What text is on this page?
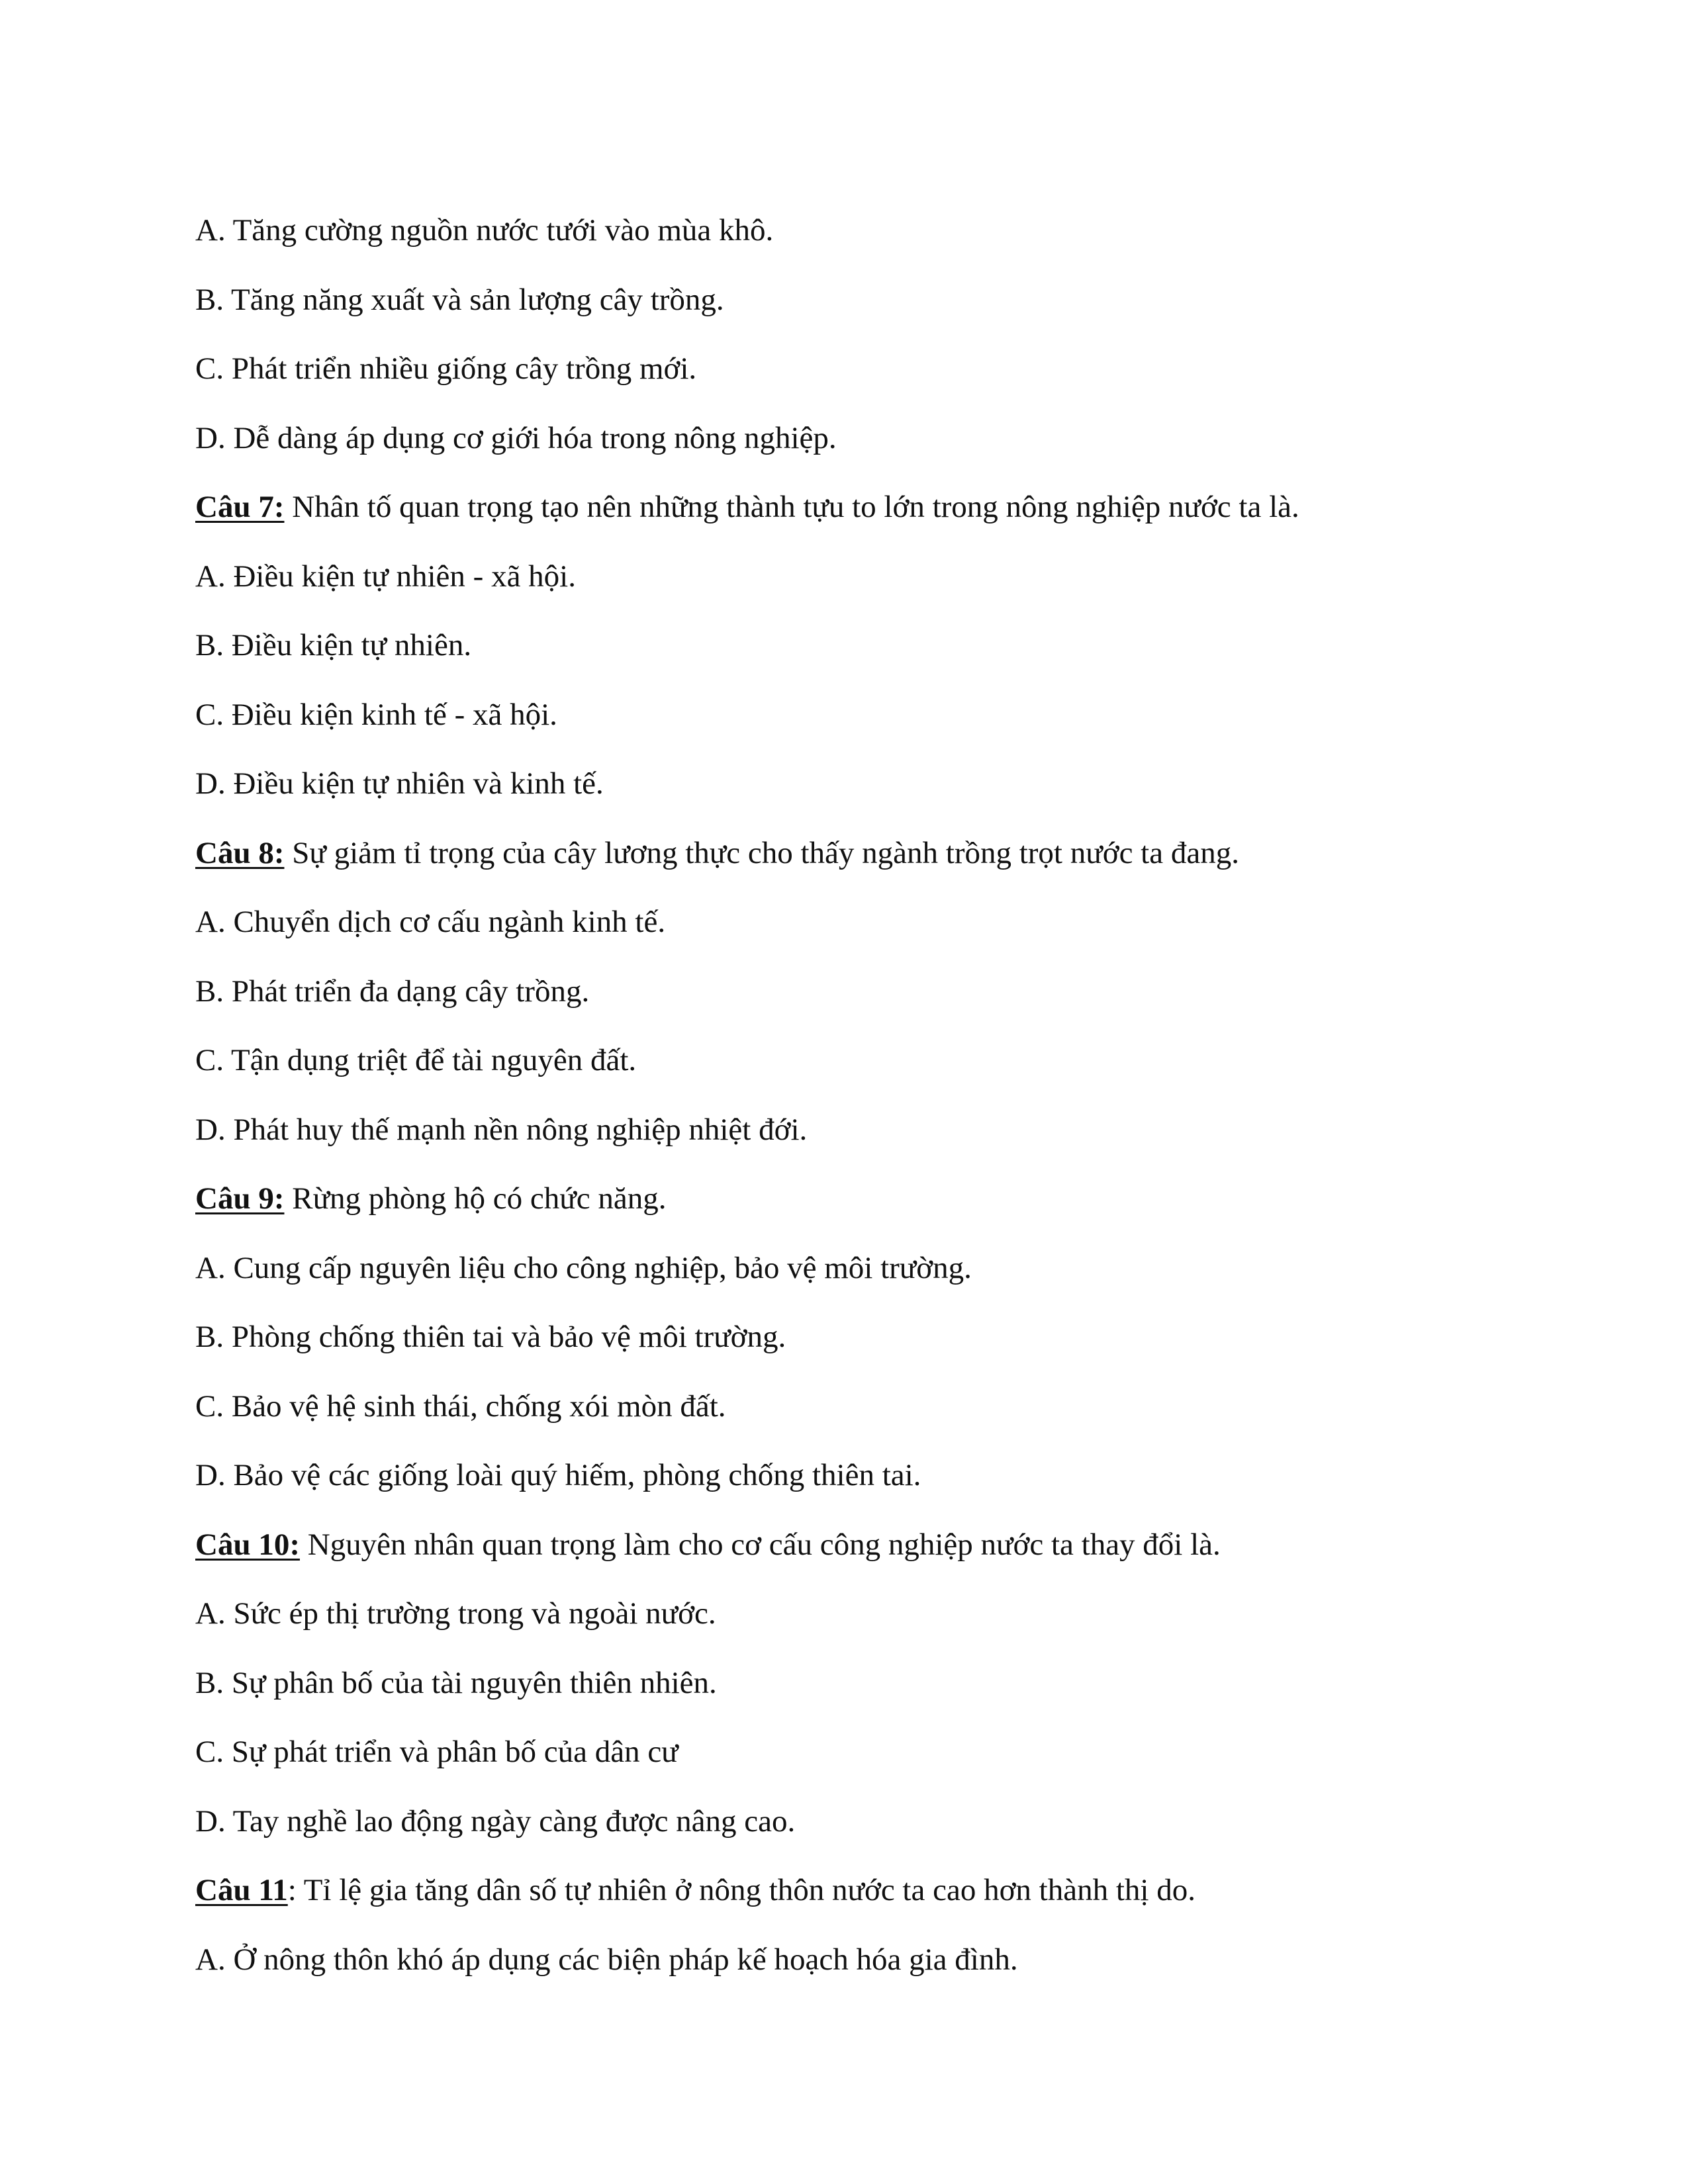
A. Tăng cường nguồn nước tưới vào mùa khô.
B. Tăng năng xuất và sản lượng cây trồng.
C. Phát triển nhiều giống cây trồng mới.
D. Dễ dàng áp dụng cơ giới hóa trong nông nghiệp.
Câu 7: Nhân tố quan trọng tạo nên những thành tựu to lớn trong nông nghiệp nước ta là.
A. Điều kiện tự nhiên - xã hội.
B. Điều kiện tự nhiên.
C. Điều kiện kinh tế - xã hội.
D. Điều kiện tự nhiên và kinh tế.
Câu 8: Sự giảm tỉ trọng của cây lương thực cho thấy ngành trồng trọt nước ta đang.
A. Chuyển dịch cơ cấu ngành kinh tế.
B. Phát triển đa dạng cây trồng.
C. Tận dụng triệt để tài nguyên đất.
D. Phát huy thế mạnh nền nông nghiệp nhiệt đới.
Câu 9: Rừng phòng hộ có chức năng.
A. Cung cấp nguyên liệu cho công nghiệp, bảo vệ môi trường.
B. Phòng chống thiên tai và bảo vệ môi trường.
C. Bảo vệ hệ sinh thái, chống xói mòn đất.
D. Bảo vệ các giống loài quý hiếm, phòng chống thiên tai.
Câu 10: Nguyên nhân quan trọng làm cho cơ cấu công nghiệp nước ta thay đổi là.
A. Sức ép thị trường trong và ngoài nước.
B. Sự phân bố của tài nguyên thiên nhiên.
C. Sự phát triển và phân bố của dân cư
D. Tay nghề lao động ngày càng được nâng cao.
Câu 11: Tỉ lệ gia tăng dân số tự nhiên ở nông thôn nước ta cao hơn thành thị do.
A. Ở nông thôn khó áp dụng các biện pháp kế hoạch hóa gia đình.
